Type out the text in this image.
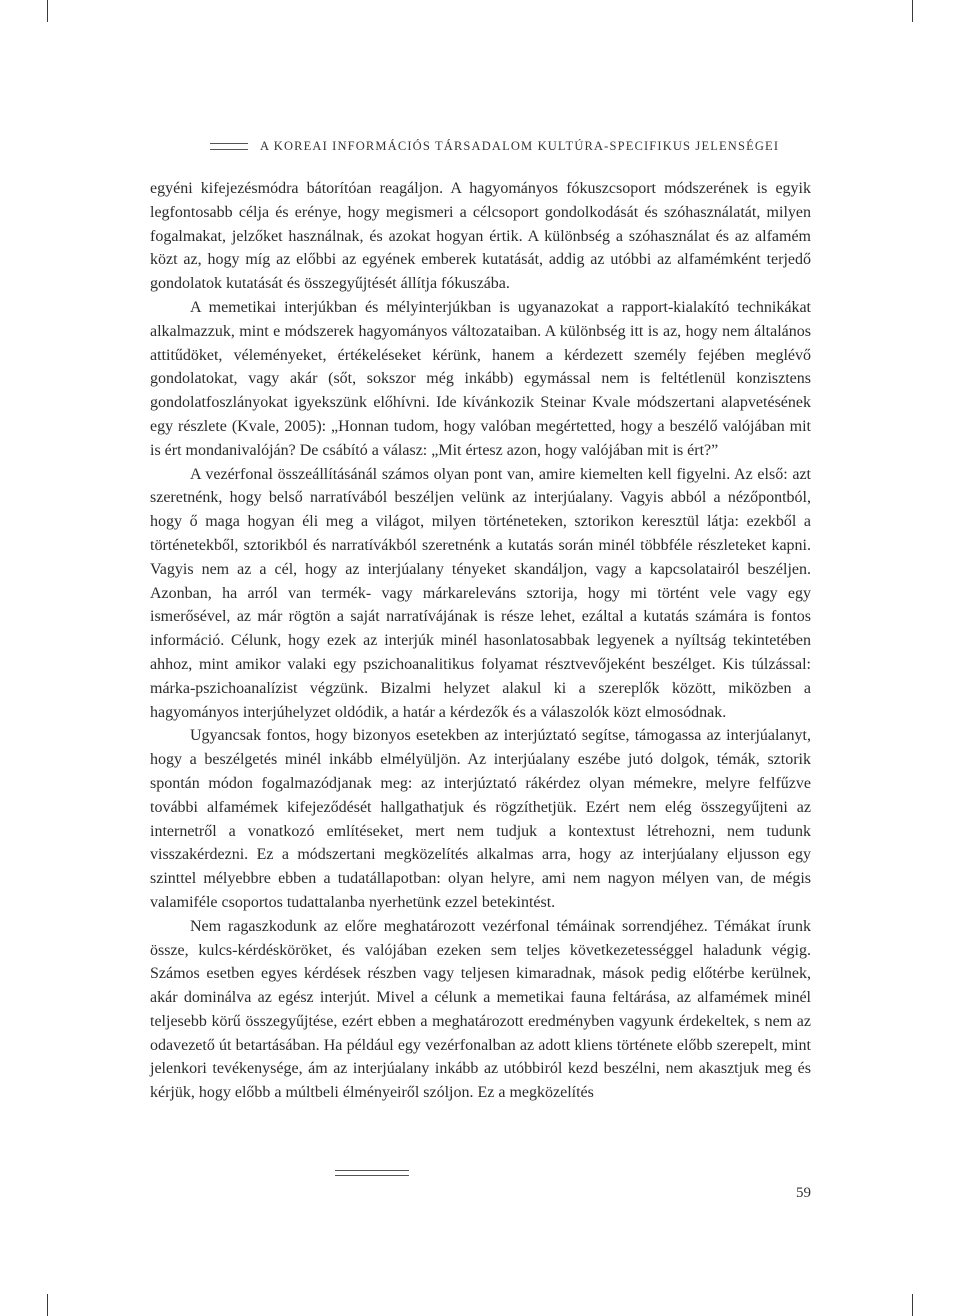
A KOREAI INFORMÁCIÓS TÁRSADALOM KULTÚRA-SPECIFIKUS JELENSÉGEI

egyéni kifejezésmódra bátorítóan reagáljon. A hagyományos fókuszcsoport módszerének is egyik legfontosabb célja és erénye, hogy megismeri a célcsoport gondolkodását és szóhasználatát, milyen fogalmakat, jelzőket használnak, és azokat hogyan értik. A különbség a szóhasználat és az alfamém közt az, hogy míg az előbbi az egyének emberek kutatását, addig az utóbbi az alfamémként terjedő gondolatok kutatását és összegyűjtését állítja fókuszába.

A memetikai interjúkban és mélyinterjúkban is ugyanazokat a rapport-kialakító technikákat alkalmazzuk, mint e módszerek hagyományos változataiban. A különbség itt is az, hogy nem általános attitűdöket, véleményeket, értékeléseket kérünk, hanem a kérdezett személy fejében meglévő gondolatokat, vagy akár (sőt, sokszor még inkább) egymással nem is feltétlenül konzisztens gondolatfoszlányokat igyekszünk előhívni. Ide kívánkozik Steinar Kvale módszertani alapvetésének egy részlete (Kvale, 2005): „Honnan tudom, hogy valóban megértetted, hogy a beszélő valójában mit is ért mondanivalóján? De csábító a válasz: „Mit értesz azon, hogy valójában mit is ért?”

A vezérfonal összeállításánál számos olyan pont van, amire kiemelten kell figyelni. Az első: azt szeretnénk, hogy belső narratívából beszéljen velünk az interjúalany. Vagyis abból a nézőpontból, hogy ő maga hogyan éli meg a világot, milyen történeteken, sztorikon keresztül látja: ezekből a történetekből, sztorikból és narratívákból szeretnénk a kutatás során minél többféle részleteket kapni. Vagyis nem az a cél, hogy az interjúalany tényeket skandáljon, vagy a kapcsolatairól beszéljen. Azonban, ha arról van termék- vagy márkareleváns sztorija, hogy mi történt vele vagy egy ismerősével, az már rögtön a saját narratívájának is része lehet, ezáltal a kutatás számára is fontos információ. Célunk, hogy ezek az interjúk minél hasonlatosabbak legyenek a nyíltság tekintetében ahhoz, mint amikor valaki egy pszichoanalitikus folyamat résztvevőjeként beszélget. Kis túlzással: márka-pszichoanalízist végzünk. Bizalmi helyzet alakul ki a szereplők között, miközben a hagyományos interjúhelyzet oldódik, a határ a kérdezők és a válaszolók közt elmosódnak.

Ugyancsak fontos, hogy bizonyos esetekben az interjúztató segítse, támogassa az interjúalanyt, hogy a beszélgetés minél inkább elmélyüljön. Az interjúalany eszébe jutó dolgok, témák, sztorik spontán módon fogalmazódjanak meg: az interjúztató rákérdez olyan mémekre, melyre felfűzve további alfamémek kifejeződését hallgathatjuk és rögzíthetjük. Ezért nem elég összegyűjteni az internetről a vonatkozó említéseket, mert nem tudjuk a kontextust létrehozni, nem tudunk visszakérdezni. Ez a módszertani megközelítés alkalmas arra, hogy az interjúalany eljusson egy szinttel mélyebbre ebben a tudatállapotban: olyan helyre, ami nem nagyon mélyen van, de mégis valamiféle csoportos tudattalanba nyerhetünk ezzel betekintést.

Nem ragaszkodunk az előre meghatározott vezérfonal témáinak sorrendjéhez. Témákat írunk össze, kulcs-kérdésköröket, és valójában ezeken sem teljes következetességgel haladunk végig. Számos esetben egyes kérdések részben vagy teljesen kimaradnak, mások pedig előtérbe kerülnek, akár dominálva az egész interjút. Mivel a célunk a memetikai fauna feltárása, az alfamémek minél teljesebb körű összegyűjtése, ezért ebben a meghatározott eredményben vagyunk érdekeltek, s nem az odavezető út betartásában. Ha például egy vezérfonalban az adott kliens története előbb szerepelt, mint jelenkori tevékenysége, ám az interjúalany inkább az utóbbiról kezd beszélni, nem akasztjuk meg és kérjük, hogy előbb a múltbeli élményeiről szóljon. Ez a megközelítés

59
